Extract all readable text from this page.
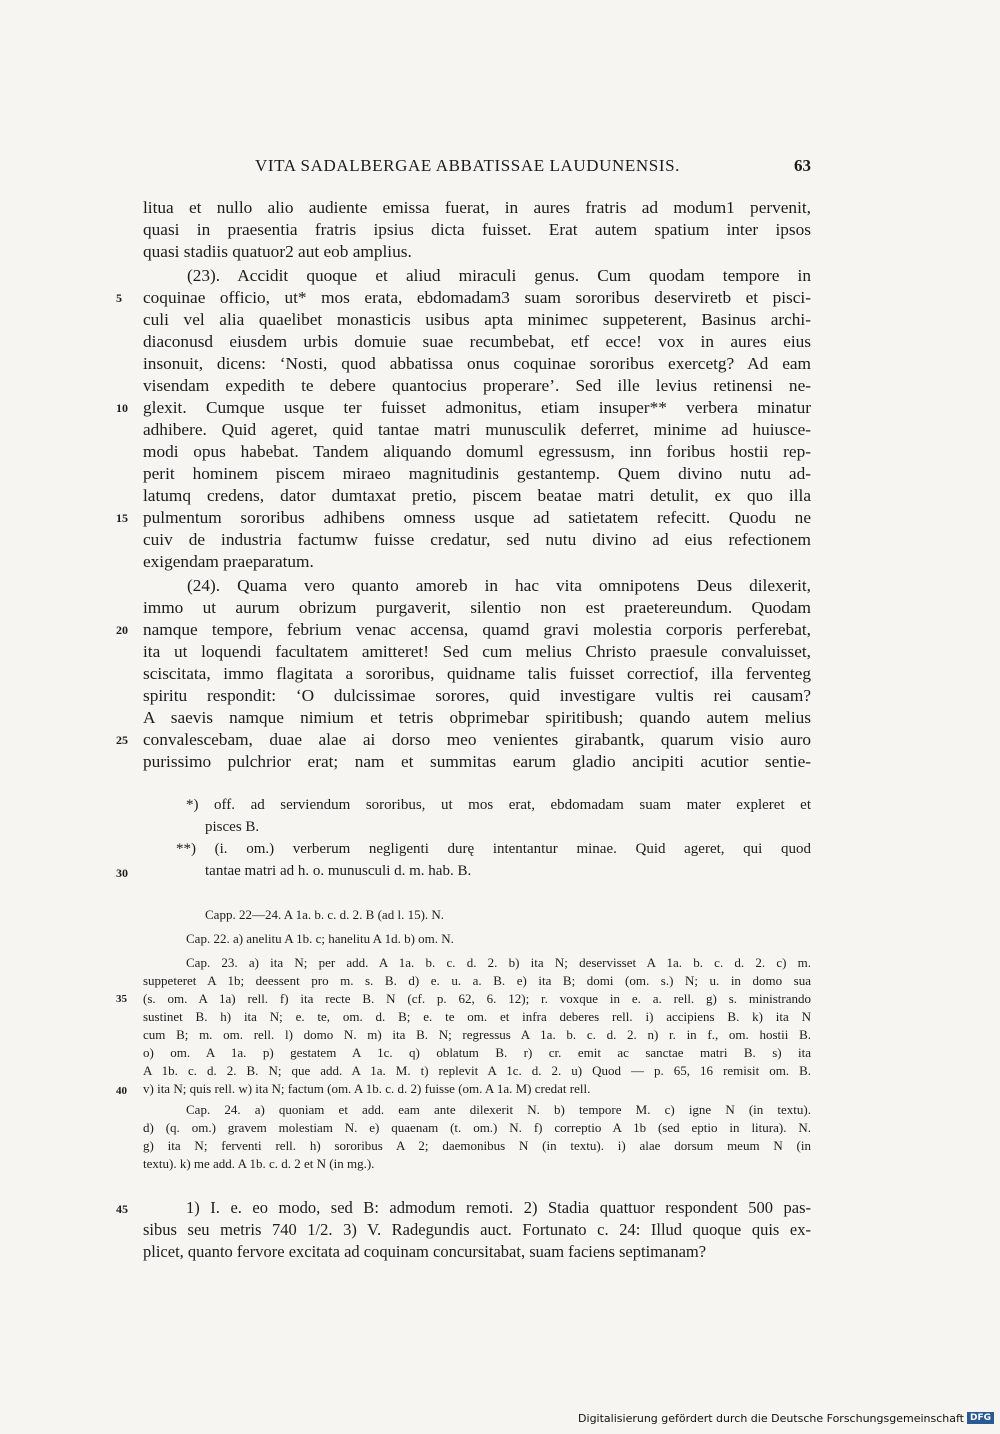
VITA SADALBERGAE ABBATISSAE LAUDUNENSIS.	63
litua et nullo alio audiente emissa fuerat, in aures fratris ad modum1 pervenit,
quasi in praesentia fratris ipsius dicta fuisset. Erat autem spatium inter ipsos
quasi stadiis quatuor2 aut eob amplius.
(23). Accidit quoque et aliud miraculi genus. Cum quodam tempore in
coquinae officio, ut* mos erata, ebdomadam3 suam sororibus deserviretb et pisci-
culi vel alia quaelibet monasticis usibus apta minimec suppeterent, Basinus archi-
diaconusd eiusdem urbis domuie suae recumbebat, etf ecce! vox in aures eius
insonuit, dicens: ‘Nosti, quod abbatissa onus coquinae sororibus exercetg? Ad eam
visendam expedith te debere quantocius properare’. Sed ille levius retinensi ne-
glexit. Cumque usque ter fuisset admonitus, etiam insuper** verbera minatur
adhibere. Quid ageret, quid tantae matri munusculik deferret, minime ad huiusce-
modi opus habebat. Tandem aliquando domuml egressusm, inn foribus hostii rep-
perit hominem piscem miraeo magnitudinis gestantemp. Quem divino nutu ad-
latumq credens, dator dumtaxat pretio, piscem beatae matri detulit, ex quo illa
pulmentum sororibus adhibens omness usque ad satietatem refecitt. Quodu ne
cuiv de industria factumw fuisse credatur, sed nutu divino ad eius refectionem
exigendam praeparatum.
(24). Quama vero quanto amoreb in hac vita omnipotens Deus dilexerit,
immo ut aurum obrizum purgaverit, silentio non est praetereundum. Quodam
namque tempore, febrium venac accensa, quamd gravi molestia corporis perferebat,
ita ut loquendi facultatem amitteret! Sed cum melius Christo praesule convaluisset,
sciscitata, immo flagitata a sororibus, quidname talis fuisset correctiof, illa ferventeg
spiritu respondit: ‘O dulcissimae sorores, quid investigare vultis rei causam?
A saevis namque nimium et tetris obprimebar spiritibush; quando autem melius
convalescebam, duae alae ai dorso meo venientes girabantk, quarum visio auro
purissimo pulchrior erat; nam et summitas earum gladio ancipiti acutior sentie-
5
10
15
20
25
30
35
40
45
*) off. ad serviendum sororibus, ut mos erat, ebdomadam suam mater expleret et
pisces B.
**) (i. om.) verberum negligenti durę intentantur minae. Quid ageret, qui quod
tantae matri ad h. o. munusculi d. m. hab. B.
Capp. 22—24. A 1a. b. c. d. 2. B (ad l. 15). N.
Cap. 22. a) anelitu A 1b. c; hanelitu A 1d. b) om. N.
Cap. 23. a) ita N; per add. A 1a. b. c. d. 2. b) ita N; deservisset A 1a. b. c. d. 2. c) m.
suppeteret A 1b; deessent pro m. s. B. d) e. u. a. B. e) ita B; domi (om. s.) N; u. in domo sua
(s. om. A 1a) rell. f) ita recte B. N (cf. p. 62, 6. 12); r. voxque in e. a. rell. g) s. ministrando
sustinet B. h) ita N; e. te, om. d. B; e. te om. et infra deberes rell. i) accipiens B. k) ita N
cum B; m. om. rell. l) domo N. m) ita B. N; regressus A 1a. b. c. d. 2. n) r. in f., om. hostii B.
o) om. A 1a. p) gestatem A 1c. q) oblatum B. r) cr. emit ac sanctae matri B. s) ita
A 1b. c. d. 2. B. N; que add. A 1a. M. t) replevit A 1c. d. 2. u) Quod — p. 65, 16 remisit om. B.
v) ita N; quis rell. w) ita N; factum (om. A 1b. c. d. 2) fuisse (om. A 1a. M) credat rell.
Cap. 24. a) quoniam et add. eam ante dilexerit N. b) tempore M. c) igne N (in textu).
d) (q. om.) gravem molestiam N. e) quaenam (t. om.) N. f) correptio A 1b (sed eptio in litura). N.
g) ita N; ferventi rell. h) sororibus A 2; daemonibus N (in textu). i) alae dorsum meum N (in
textu). k) me add. A 1b. c. d. 2 et N (in mg.).
1) I. e. eo modo, sed B: admodum remoti. 2) Stadia quattuor respondent 500 pas-
sibus seu metris 740 1/2. 3) V. Radegundis auct. Fortunato c. 24: Illud quoque quis ex-
plicet, quanto fervore excitata ad coquinam concursitabat, suam faciens septimanam?
Digitalisierung gefördert durch die Deutsche Forschungsgemeinschaft DFG
